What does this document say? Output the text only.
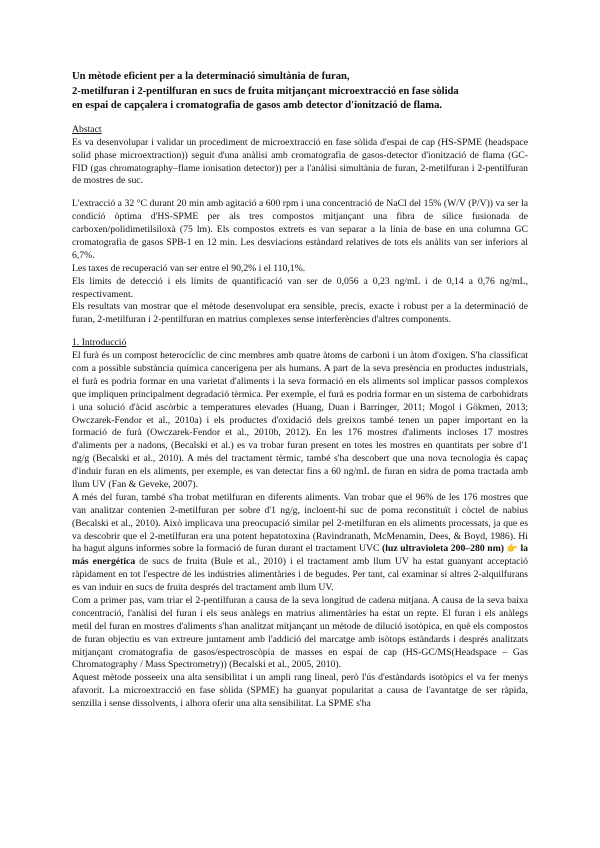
Un mètode eficient per a la determinació simultània de furan,
2-metilfuran i 2-pentilfuran en sucs de fruita mitjançant microextracció en fase sòlida
en espai de capçalera i cromatografia de gasos amb detector d'ionització de flama.

Abstact

Es va desenvolupar i validar un procediment de microextracció en fase sòlida d'espai de cap (HS-SPME (headspace solid phase microextraction)) seguit d'una anàlisi amb cromatografia de gasos-detector d'ionització de flama (GC-FID (gas chromatography–flame ionisation detector)) per a l'anàlisi simultània de furan, 2-metilfuran i 2-pentilfuran de mostres de suc.

L'extracció a 32 °C durant 20 min amb agitació a 600 rpm i una concentració de NaCl del 15% (W/V (P/V)) va ser la condició òptima d'HS-SPME per als tres compostos mitjançant una fibra de sílice fusionada de carboxen/polidimetilsiloxà (75 lm). Els compostos extrets es van separar a la línia de base en una columna GC cromatografia de gasos SPB-1 en 12 min. Les desviacions estàndard relatives de tots els anàlits van ser inferiors al 6,7%.

Les taxes de recuperació van ser entre el 90,2% i el 110,1%.

Els límits de detecció i els límits de quantificació van ser de 0,056 a 0,23 ng/mL i de 0,14 a 0,76 ng/mL, respectivament.

Els resultats van mostrar que el mètode desenvolupat era sensible, precís, exacte i robust per a la determinació de furan, 2-metilfuran i 2-pentilfuran en matrius complexes sense interferències d'altres components.

1. Introducció

El furà és un compost heterocíclic de cinc membres amb quatre àtoms de carboni i un àtom d'oxigen. S'ha classificat com a possible substància química cancerígena per als humans. A part de la seva presència en productes industrials, el furà es podria formar en una varietat d'aliments i la seva formació en els aliments sol implicar passos complexos que impliquen principalment degradació tèrmica. Per exemple, el furà es podria formar en un sistema de carbohidrats i una solució d'àcid ascòrbic a temperatures elevades (Huang, Duan i Barringer, 2011; Mogol i Gökmen, 2013; Owczarek-Fendor et al., 2010a) i els productes d'oxidació dels greixos també tenen un paper important en la formació de furà (Owczarek-Fendor et al., 2010b, 2012). En les 176 mostres d'aliments incloses 17 mostres d'aliments per a nadons, (Becalski et al.) es va trobar furan present en totes les mostres en quantitats per sobre d'1 ng/g (Becalski et al., 2010). A més del tractament tèrmic, també s'ha descobert que una nova tecnologia és capaç d'induir furan en els aliments, per exemple, es van detectar fins a 60 ng/mL de furan en sidra de poma tractada amb llum UV (Fan & Geveke, 2007).

A més del furan, també s'ha trobat metilfuran en diferents aliments. Van trobar que el 96% de les 176 mostres que van analitzar contenien 2-metilfuran per sobre d'1 ng/g, incloent-hi suc de poma reconstituït i còctel de nabius (Becalski et al., 2010). Això implicava una preocupació similar pel 2-metilfuran en els aliments processats, ja que es va descobrir que el 2-metilfuran era una potent hepatotoxina (Ravindranath, McMenamin, Dees, & Boyd, 1986). Hi ha hagut alguns informes sobre la formació de furan durant el tractament UVC (luz ultravioleta 200–280 nm) 👉 la más energética de sucs de fruita (Bule et al., 2010) i el tractament amb llum UV ha estat guanyant acceptació ràpidament en tot l'espectre de les indústries alimentàries i de begudes. Per tant, cal examinar si altres 2-alquilfurans es van induir en sucs de fruita després del tractament amb llum UV.

Com a primer pas, vam triar el 2-pentilfuran a causa de la seva longitud de cadena mitjana. A causa de la seva baixa concentració, l'anàlisi del furan i els seus anàlegs en matrius alimentàries ha estat un repte. El furan i els anàlegs metil del furan en mostres d'aliments s'han analitzat mitjançant un mètode de dilució isotòpica, en què els compostos de furan objectiu es van extreure juntament amb l'addició del marcatge amb isòtops estàndards i després analitzats mitjançant cromatografia de gasos/espectroscòpia de masses en espai de cap (HS-GC/MS(Headspace – Gas Chromatography / Mass Spectrometry)) (Becalski et al., 2005, 2010).

Aquest mètode posseeix una alta sensibilitat i un ampli rang lineal, però l'ús d'estàndards isotòpics el va fer menys afavorit. La microextracció en fase sòlida (SPME) ha guanyat popularitat a causa de l'avantatge de ser ràpida, senzilla i sense dissolvents, i alhora oferir una alta sensibilitat. La SPME s'ha
